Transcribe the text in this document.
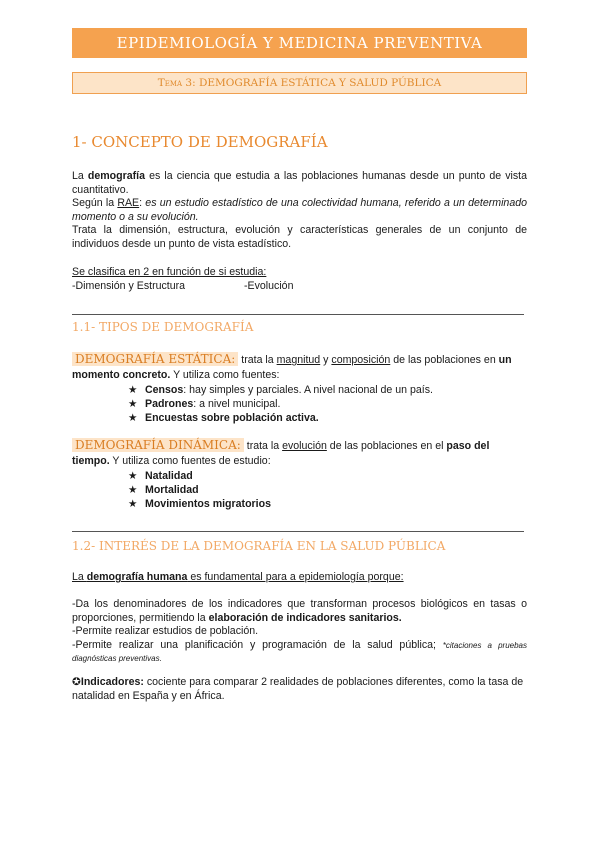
EPIDEMIOLOGÍA Y MEDICINA PREVENTIVA
Tema 3: DEMOGRAFÍA ESTÁTICA Y SALUD PÚBLICA
1- CONCEPTO DE DEMOGRAFÍA
La demografía es la ciencia que estudia a las poblaciones humanas desde un punto de vista cuantitativo.
Según la RAE: es un estudio estadístico de una colectividad humana, referido a un determinado momento o a su evolución.
Trata la dimensión, estructura, evolución y características generales de un conjunto de individuos desde un punto de vista estadístico.
Se clasifica en 2 en función de si estudia:
-Dimensión y Estructura	-Evolución
1.1- TIPOS DE DEMOGRAFÍA
DEMOGRAFÍA ESTÁTICA: trata la magnitud y composición de las poblaciones en un momento concreto. Y utiliza como fuentes:
★ Censos: hay simples y parciales. A nivel nacional de un país.
★ Padrones: a nivel municipal.
★ Encuestas sobre población activa.
DEMOGRAFÍA DINÁMICA: trata la evolución de las poblaciones en el paso del tiempo. Y utiliza como fuentes de estudio:
★ Natalidad
★ Mortalidad
★ Movimientos migratorios
1.2- INTERÉS DE LA DEMOGRAFÍA EN LA SALUD PÚBLICA
La demografía humana es fundamental para a epidemiología porque:
-Da los denominadores de los indicadores que transforman procesos biológicos en tasas o proporciones, permitiendo la elaboración de indicadores sanitarios.
-Permite realizar estudios de población.
-Permite realizar una planificación y programación de la salud pública; *citaciones a pruebas diagnósticas preventivas.
✪Indicadores: cociente para comparar 2 realidades de poblaciones diferentes, como la tasa de natalidad en España y en África.
